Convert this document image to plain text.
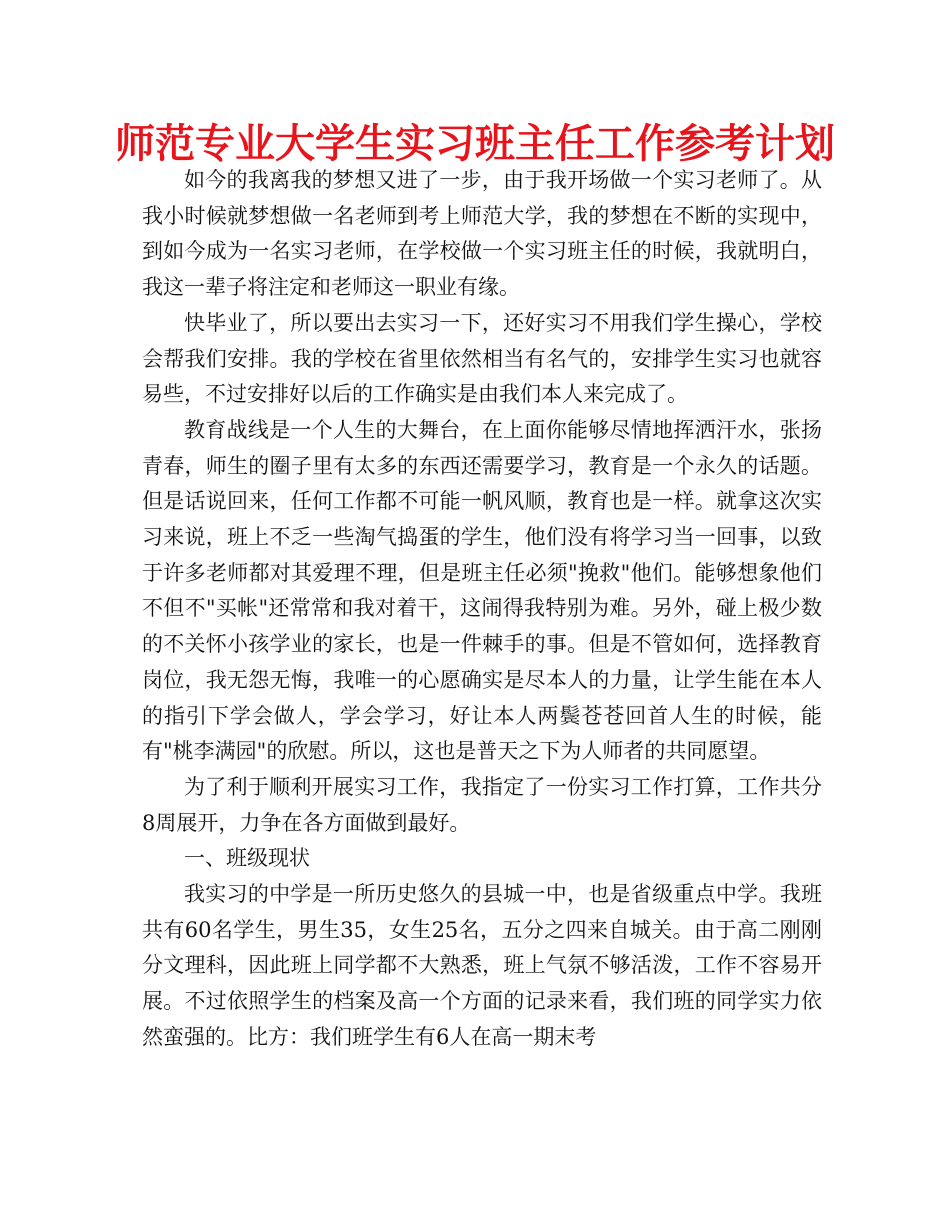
师范专业大学生实习班主任工作参考计划

如今的我离我的梦想又进了一步，由于我开场做一个实习老师了。从我小时候就梦想做一名老师到考上师范大学，我的梦想在不断的实现中，到如今成为一名实习老师，在学校做一个实习班主任的时候，我就明白，我这一辈子将注定和老师这一职业有缘。

快毕业了，所以要出去实习一下，还好实习不用我们学生操心，学校会帮我们安排。我的学校在省里依然相当有名气的，安排学生实习也就容易些，不过安排好以后的工作确实是由我们本人来完成了。

教育战线是一个人生的大舞台，在上面你能够尽情地挥洒汗水，张扬青春，师生的圈子里有太多的东西还需要学习，教育是一个永久的话题。但是话说回来，任何工作都不可能一帆风顺，教育也是一样。就拿这次实习来说，班上不乏一些淘气捣蛋的学生，他们没有将学习当一回事，以致于许多老师都对其爱理不理，但是班主任必须"挽救"他们。能够想象他们不但不"买帐"还常常和我对着干，这闹得我特别为难。另外，碰上极少数的不关怀小孩学业的家长，也是一件棘手的事。但是不管如何，选择教育岗位，我无怨无悔，我唯一的心愿确实是尽本人的力量，让学生能在本人的指引下学会做人，学会学习，好让本人两鬓苍苍回首人生的时候，能有"桃李满园"的欣慰。所以，这也是普天之下为人师者的共同愿望。

为了利于顺利开展实习工作，我指定了一份实习工作打算，工作共分8周展开，力争在各方面做到最好。

一、班级现状

我实习的中学是一所历史悠久的县城一中，也是省级重点中学。我班共有60名学生，男生35，女生25名，五分之四来自城关。由于高二刚刚分文理科，因此班上同学都不大熟悉，班上气氛不够活泼，工作不容易开展。不过依照学生的档案及高一个方面的记录来看，我们班的同学实力依然蛮强的。比方：我们班学生有6人在高一期末考
